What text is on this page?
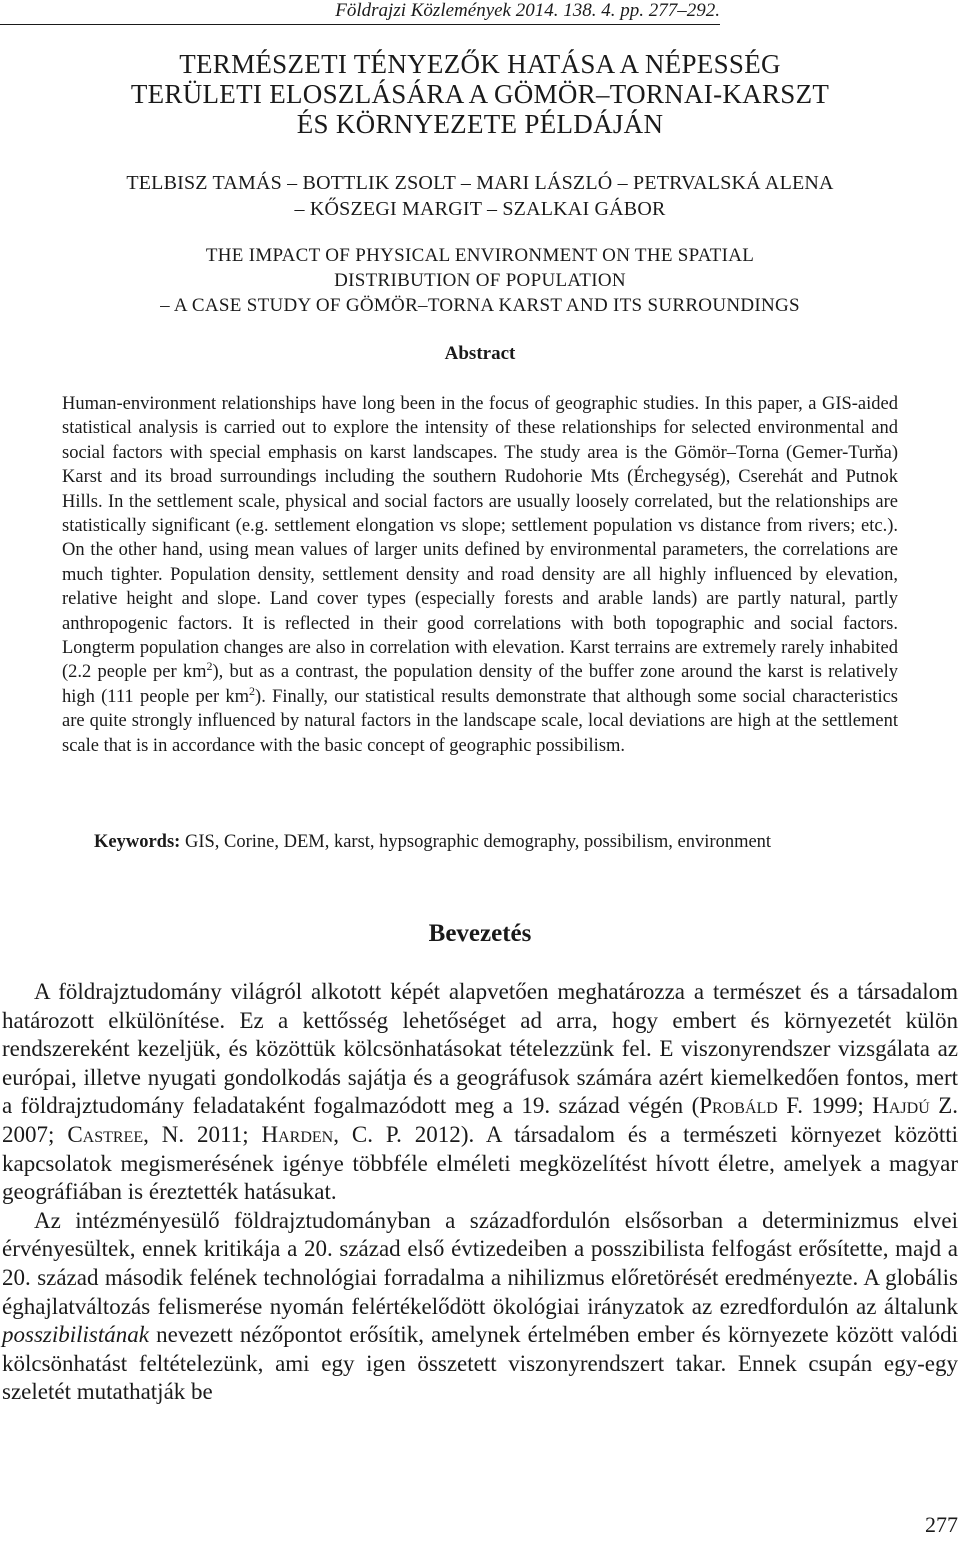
Földrajzi Közlemények 2014. 138. 4. pp. 277–292.
TERMÉSZETI TÉNYEZŐK HATÁSA A NÉPESSÉG
TERÜLETI ELOSZLÁSÁRA A GÖMÖR–TORNAI-KARSZT
ÉS KÖRNYEZETE PÉLDÁJÁN
TELBISZ TAMÁS – BOTTLIK ZSOLT – MARI LÁSZLÓ – PETRVALSKÁ ALENA
– KŐSZEGI MARGIT – SZALKAI GÁBOR
THE IMPACT OF PHYSICAL ENVIRONMENT ON THE SPATIAL
DISTRIBUTION OF POPULATION
– A CASE STUDY OF GÖMÖR–TORNA KARST AND ITS SURROUNDINGS
Abstract
Human-environment relationships have long been in the focus of geographic studies. In this paper, a GIS-aided statistical analysis is carried out to explore the intensity of these relationships for selected environmental and social factors with special emphasis on karst landscapes. The study area is the Gömör–Torna (Gemer-Turňa) Karst and its broad surroundings including the southern Rudohorie Mts (Érchegység), Cserehát and Putnok Hills. In the settlement scale, physical and social factors are usually loosely correlated, but the relationships are statistically significant (e.g. settlement elongation vs slope; settlement population vs distance from rivers; etc.). On the other hand, using mean values of larger units defined by environmental parameters, the correlations are much tighter. Population density, settlement density and road density are all highly influenced by elevation, relative height and slope. Land cover types (especially forests and arable lands) are partly natural, partly anthropogenic factors. It is reflected in their good correlations with both topographic and social factors. Longterm population changes are also in correlation with elevation. Karst terrains are extremely rarely inhabited (2.2 people per $km^2$), but as a contrast, the population density of the buffer zone around the karst is relatively high (111 people per $km^2$). Finally, our statistical results demonstrate that although some social characteristics are quite strongly influenced by natural factors in the landscape scale, local deviations are high at the settlement scale that is in accordance with the basic concept of geographic possibilism.
Keywords: GIS, Corine, DEM, karst, hypsographic demography, possibilism, environment
Bevezetés

A földrajztudomány világról alkotott képét alapvetően meghatározza a természet és a társadalom határozott elkülönítése. Ez a kettősség lehetőséget ad arra, hogy embert és környezetét külön rendszereként kezeljük, és közöttük kölcsönhatásokat tételezzünk fel. E viszonyrendszer vizsgálata az európai, illetve nyugati gondolkodás sajátja és a geográfusok számára azért kiemelkedően fontos, mert a földrajztudomány feladataként fogalmazódott meg a 19. század végén (Probáld F. 1999; Hajdú Z. 2007; Castree, N. 2011; Harden, C. P. 2012). A társadalom és a természeti környezet közötti kapcsolatok megismerésének igénye többféle elméleti megközelítést hívott életre, amelyek a magyar geográfiában is éreztették hatásukat.

Az intézményesülő földrajztudományban a századfordulón elsősorban a determinizmus elvei érvényesültek, ennek kritikája a 20. század első évtizedeiben a posszibilista felfogást erősítette, majd a 20. század második felének technológiai forradalma a nihilizmus előretörését eredményezte. A globális éghajlatváltozás felismerése nyomán felértékelődött ökológiai irányzatok az ezredfordulón az általunk posszibilistának nevezett nézőpontot erősítik, amelynek értelmében ember és környezete között valódi kölcsönhatást feltételezünk, ami egy igen összetett viszonyrendszert takar. Ennek csupán egy-egy szeletét mutathatják be

277
